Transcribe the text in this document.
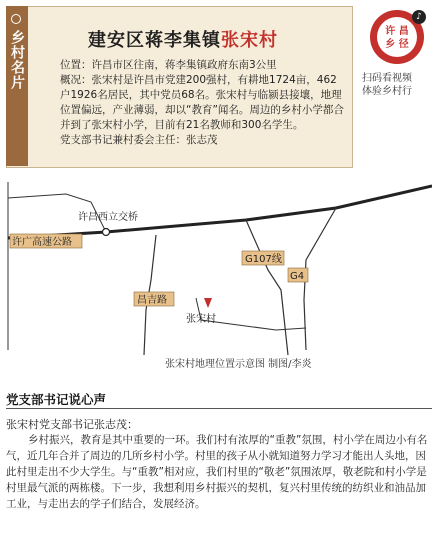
乡村名片	建安区蒋李集镇张宋村

位置：许昌市区往南，蒋李集镇政府东南3公里

概况：张宋村是许昌市党建200强村，有耕地1724亩，462户1926名居民，其中党员68名。张宋村与临颍县接壤，地理位置偏远，产业薄弱，却以“教育”闻名。周边的乡村小学都合并到了张宋村小学，目前有21名教师和300名学生。

党支部书记兼村委会主任：张志茂

许 昌
乡 径
♪
扫码看视频
体验乡村行
许昌西立交桥
许广高速公路
G107线
G4
昌吉路
张宋村
张宋村地理位置示意图 制图/李炎
党支部书记说心声
张宋村党支部书记张志茂：

乡村振兴，教育是其中重要的一环。我们村有浓厚的“重教”氛围，村小学在周边小有名气，近几年合并了周边的几所乡村小学。村里的孩子从小就知道努力学习才能出人头地，因此村里走出不少大学生。与“重教”相对应，我们村里的“敬老”氛围浓厚，敬老院和村小学是村里最气派的两栋楼。下一步，我想利用乡村振兴的契机，复兴村里传统的纺织业和油品加工业，与走出去的学子们结合，发展经济。
